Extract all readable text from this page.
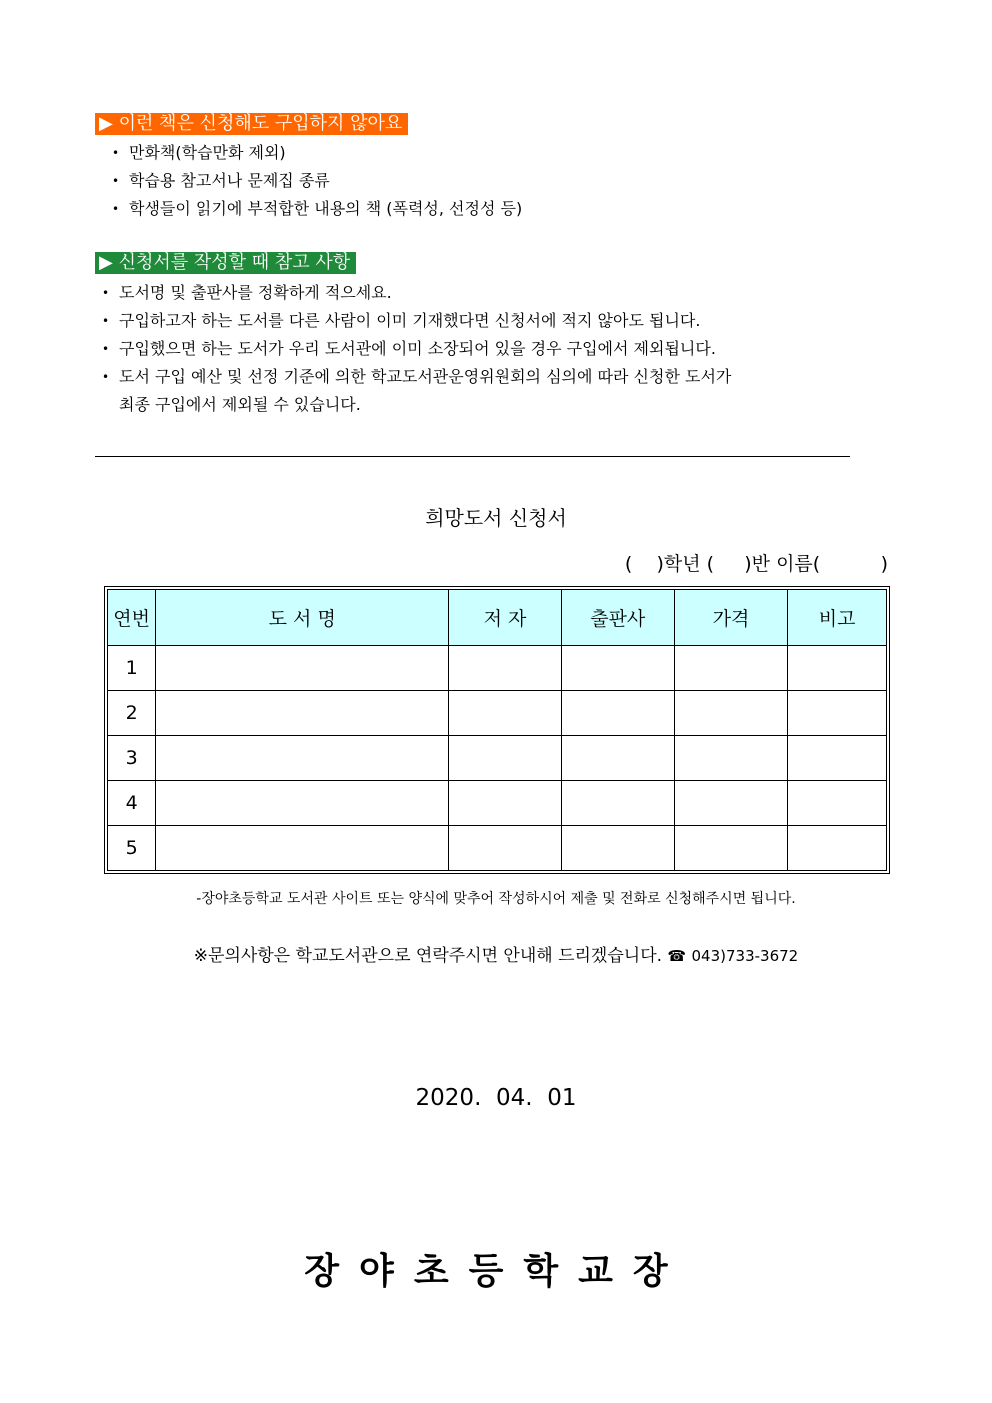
▶ 이런 책은 신청해도 구입하지 않아요
• 만화책(학습만화 제외)
• 학습용 참고서나 문제집 종류
• 학생들이 읽기에 부적합한 내용의 책 (폭력성, 선정성 등)
▶ 신청서를 작성할 때 참고 사항
• 도서명 및 출판사를 정확하게 적으세요.
• 구입하고자 하는 도서를 다른 사람이 이미 기재했다면 신청서에 적지 않아도 됩니다.
• 구입했으면 하는 도서가 우리 도서관에 이미 소장되어 있을 경우 구입에서 제외됩니다.
• 도서 구입 예산 및 선정 기준에 의한 학교도서관운영위원회의 심의에 따라 신청한 도서가
최종 구입에서 제외될 수 있습니다.
희망도서 신청서
(    )학년 (     )반 이름(          )
연번	도 서 명	저 자	출판사	가격	비고
1					
2					
3					
4					
5					
-장야초등학교 도서관 사이트 또는 양식에 맞추어 작성하시어 제출 및 전화로 신청해주시면 됩니다.
※문의사항은 학교도서관으로 연락주시면 안내해 드리겠습니다. ☎ 043)733-3672
2020.  04.  01
장야초등학교장
